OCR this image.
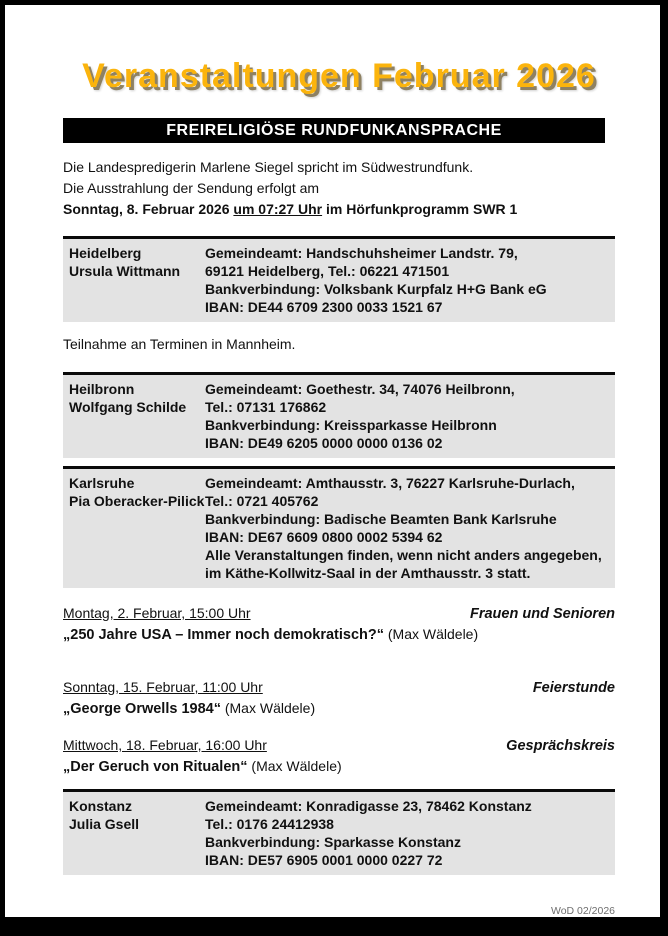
Veranstaltungen Februar 2026
FREIRELIGIÖSE RUNDFUNKANSPRACHE
Die Landespredigerin Marlene Siegel spricht im Südwestrundfunk.
Die Ausstrahlung der Sendung erfolgt am
Sonntag, 8. Februar 2026 um 07:27 Uhr im Hörfunkprogramm SWR 1
Heidelberg
Ursula Wittmann
Gemeindeamt: Handschuhsheimer Landstr. 79,
69121 Heidelberg, Tel.: 06221 471501
Bankverbindung: Volksbank Kurpfalz H+G Bank eG
IBAN: DE44 6709 2300 0033 1521 67
Teilnahme an Terminen in Mannheim.
Heilbronn
Wolfgang Schilde
Gemeindeamt: Goethestr. 34, 74076 Heilbronn,
Tel.: 07131 176862
Bankverbindung: Kreissparkasse Heilbronn
IBAN: DE49 6205 0000 0000 0136 02
Karlsruhe
Pia Oberacker-Pilick
Gemeindeamt: Amthausstr. 3, 76227 Karlsruhe-Durlach,
Tel.: 0721 405762
Bankverbindung: Badische Beamten Bank Karlsruhe
IBAN: DE67 6609 0800 0002 5394 62
Alle Veranstaltungen finden, wenn nicht anders angegeben,
im Käthe-Kollwitz-Saal in der Amthausstr. 3 statt.
Montag, 2. Februar, 15:00 Uhr	Frauen und Senioren
„250 Jahre USA – Immer noch demokratisch?“ (Max Wäldele)
Sonntag, 15. Februar, 11:00 Uhr	Feierstunde
„George Orwells 1984“ (Max Wäldele)
Mittwoch, 18. Februar, 16:00 Uhr	Gesprächskreis
„Der Geruch von Ritualen“ (Max Wäldele)
Konstanz
Julia Gsell
Gemeindeamt: Konradigasse 23, 78462 Konstanz
Tel.: 0176 24412938
Bankverbindung: Sparkasse Konstanz
IBAN: DE57 6905 0001 0000 0227 72
WoD 02/2026
